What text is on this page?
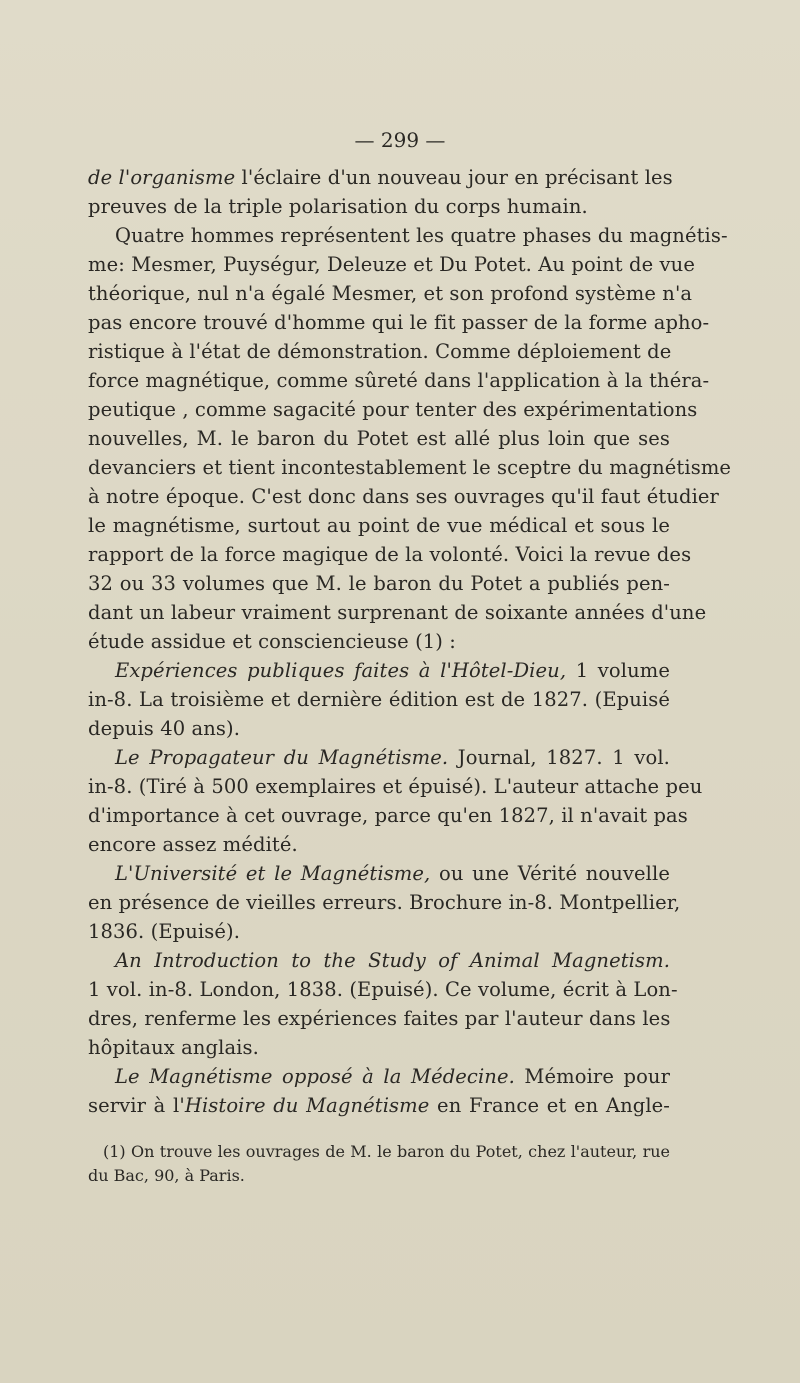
— 299 —
de l'organisme l'éclaire d'un nouveau jour en précisant les
preuves de la triple polarisation du corps humain.
Quatre hommes représentent les quatre phases du magnétis-
me: Mesmer, Puységur, Deleuze et Du Potet. Au point de vue
théorique, nul n'a égalé Mesmer, et son profond système n'a
pas encore trouvé d'homme qui le fit passer de la forme apho-
ristique à l'état de démonstration. Comme déploiement de
force magnétique, comme sûreté dans l'application à la théra-
peutique , comme sagacité pour tenter des expérimentations
nouvelles, M. le baron du Potet est allé plus loin que ses
devanciers et tient incontestablement le sceptre du magnétisme
à notre époque. C'est donc dans ses ouvrages qu'il faut étudier
le magnétisme, surtout au point de vue médical et sous le
rapport de la force magique de la volonté. Voici la revue des
32 ou 33 volumes que M. le baron du Potet a publiés pen-
dant un labeur vraiment surprenant de soixante années d'une
étude assidue et consciencieuse (1) :
Expériences publiques faites à l'Hôtel-Dieu, 1 volume
in-8. La troisième et dernière édition est de 1827. (Epuisé
depuis 40 ans).
Le Propagateur du Magnétisme. Journal, 1827. 1 vol.
in-8. (Tiré à 500 exemplaires et épuisé). L'auteur attache peu
d'importance à cet ouvrage, parce qu'en 1827, il n'avait pas
encore assez médité.
L'Université et le Magnétisme, ou une Vérité nouvelle
en présence de vieilles erreurs. Brochure in-8. Montpellier,
1836. (Epuisé).
An Introduction to the Study of Animal Magnetism.
1 vol. in-8. London, 1838. (Epuisé). Ce volume, écrit à Lon-
dres, renferme les expériences faites par l'auteur dans les
hôpitaux anglais.
Le Magnétisme opposé à la Médecine. Mémoire pour
servir à l'Histoire du Magnétisme en France et en Angle-
(1) On trouve les ouvrages de M. le baron du Potet, chez l'auteur, rue
du Bac, 90, à Paris.
